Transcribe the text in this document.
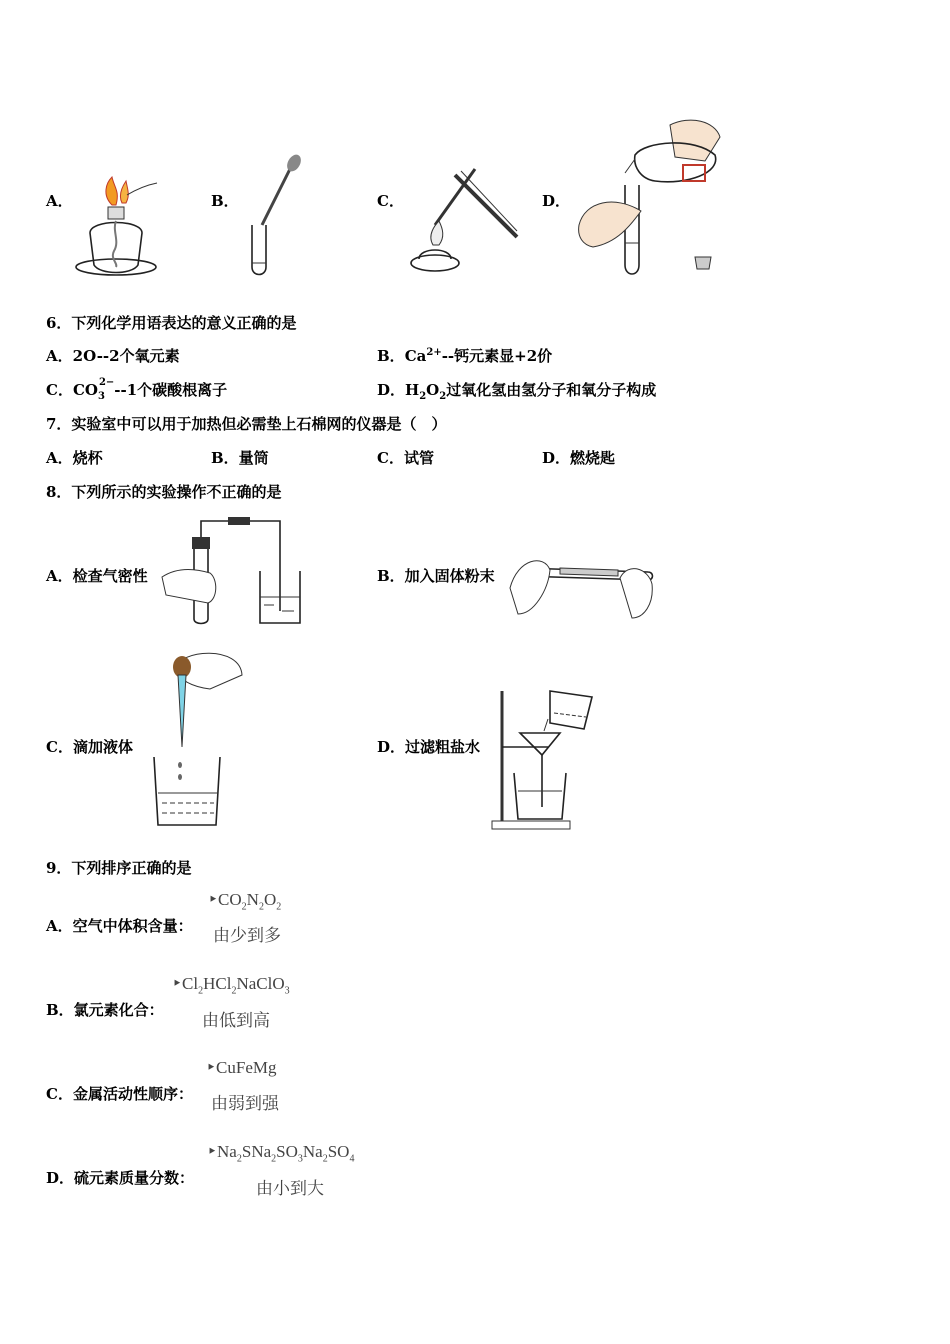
A．	B．	C．	D．
6．下列化学用语表达的意义正确的是
A．2O--2个氧元素	B．$Ca^{2+}--$钙元素显+2价
C．$CO_3^{2-}--1$个碳酸根离子	D．$H_2O_2$过氧化氢由氢分子和氧分子构成
7．实验室中可以用于加热但必需垫上石棉网的仪器是（　）
A．烧杯	B．量筒	C．试管	D．燃烧匙
8．下列所示的实验操作不正确的是
A．检查气密性	B．加入固体粉末
C．滴加液体	D．过滤粗盐水
9．下列排序正确的是
A．空气中体积含量：
$‣CO_2N_2O_2$
由少到多
B．氯元素化合：
$‣Cl_2HCl_2NaClO_3$
由低到高
C．金属活动性顺序：
‣CuFeMg
由弱到强
D．硫元素质量分数：
$‣Na_2SNa_2SO_3Na_2SO_4$
由小到大
